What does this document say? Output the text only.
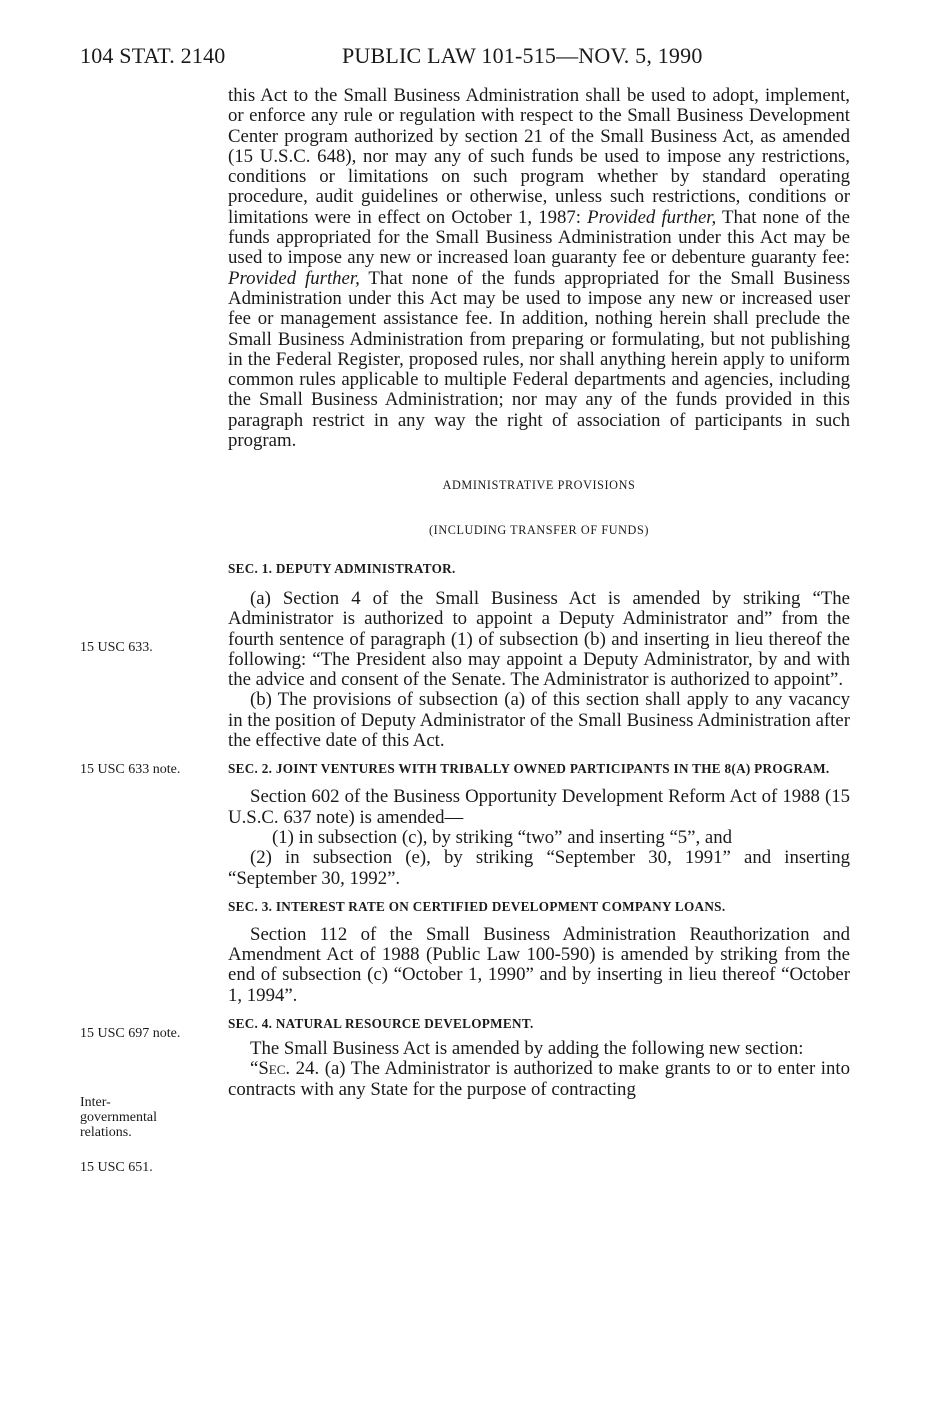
104 STAT. 2140	PUBLIC LAW 101-515—NOV. 5, 1990

this Act to the Small Business Administration shall be used to adopt, implement, or enforce any rule or regulation with respect to the Small Business Development Center program authorized by section 21 of the Small Business Act, as amended (15 U.S.C. 648), nor may any of such funds be used to impose any restrictions, conditions or limitations on such program whether by standard operating procedure, audit guidelines or otherwise, unless such restrictions, conditions or limitations were in effect on October 1, 1987: Provided further, That none of the funds appropriated for the Small Business Administration under this Act may be used to impose any new or increased loan guaranty fee or debenture guaranty fee: Provided further, That none of the funds appropriated for the Small Business Administration under this Act may be used to impose any new or increased user fee or management assistance fee. In addition, nothing herein shall preclude the Small Business Administration from preparing or formulating, but not publishing in the Federal Register, proposed rules, nor shall anything herein apply to uniform common rules applicable to multiple Federal departments and agencies, including the Small Business Administration; nor may any of the funds provided in this paragraph restrict in any way the right of association of participants in such program.

ADMINISTRATIVE PROVISIONS
(INCLUDING TRANSFER OF FUNDS)
SEC. 1. DEPUTY ADMINISTRATOR.

(a) Section 4 of the Small Business Act is amended by striking “The Administrator is authorized to appoint a Deputy Administrator and” from the fourth sentence of paragraph (1) of subsection (b) and inserting in lieu thereof the following: “The President also may appoint a Deputy Administrator, by and with the advice and consent of the Senate. The Administrator is authorized to appoint”.

(b) The provisions of subsection (a) of this section shall apply to any vacancy in the position of Deputy Administrator of the Small Business Administration after the effective date of this Act.

SEC. 2. JOINT VENTURES WITH TRIBALLY OWNED PARTICIPANTS IN THE 8(A) PROGRAM.

Section 602 of the Business Opportunity Development Reform Act of 1988 (15 U.S.C. 637 note) is amended—

(1) in subsection (c), by striking “two” and inserting “5”, and

(2) in subsection (e), by striking “September 30, 1991” and inserting “September 30, 1992”.

SEC. 3. INTEREST RATE ON CERTIFIED DEVELOPMENT COMPANY LOANS.

Section 112 of the Small Business Administration Reauthorization and Amendment Act of 1988 (Public Law 100-590) is amended by striking from the end of subsection (c) “October 1, 1990” and by inserting in lieu thereof “October 1, 1994”.

SEC. 4. NATURAL RESOURCE DEVELOPMENT.

The Small Business Act is amended by adding the following new section:

“Sec. 24. (a) The Administrator is authorized to make grants to or to enter into contracts with any State for the purpose of contracting

15 USC 633.
15 USC 633 note.
15 USC 697 note.
Inter-
governmental
relations.
15 USC 651.
